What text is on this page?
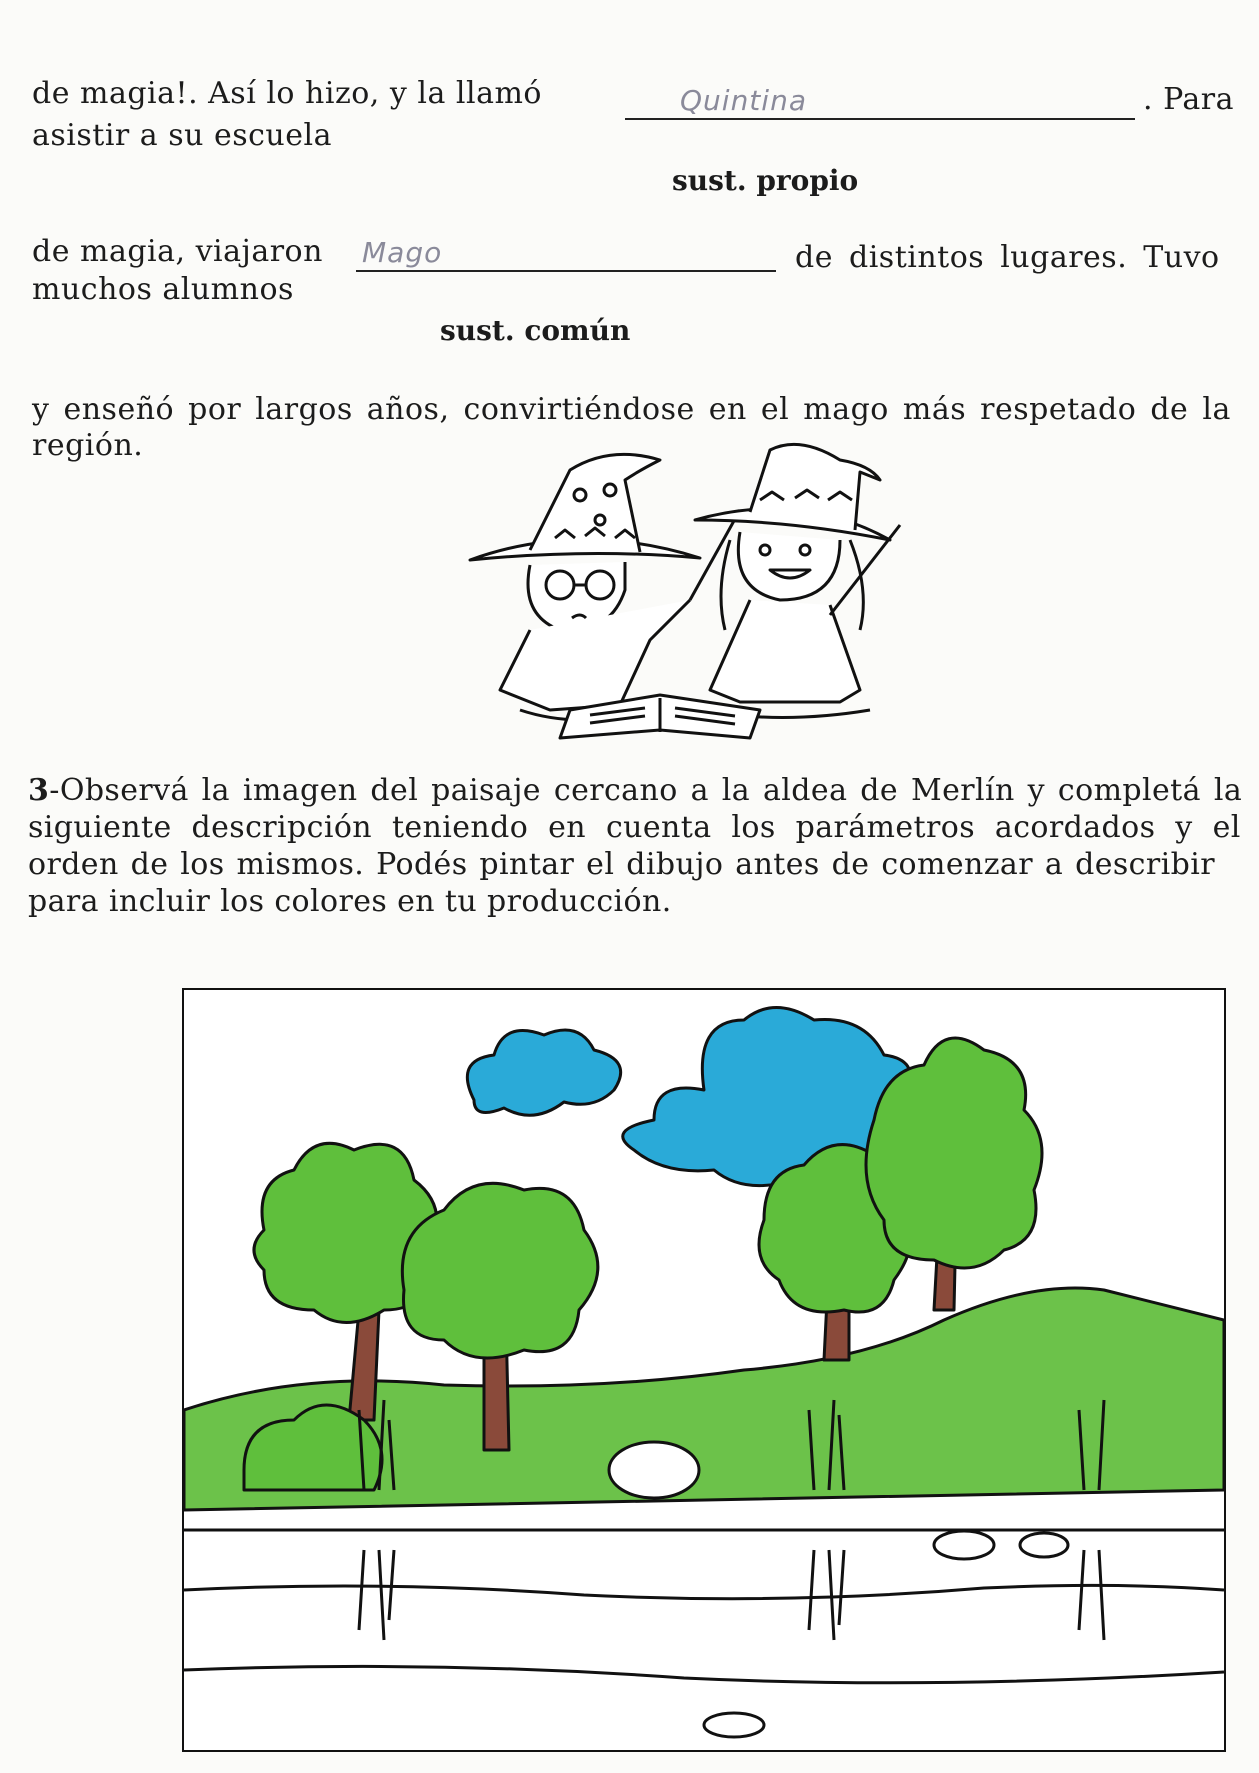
de magia!. Así lo hizo, y la llamó	Quintina	. Para
asistir a su escuela
sust. propio
de magia, viajaron Mago	de distintos lugares. Tuvo
muchos alumnos
sust. común
y enseñó por largos años, convirtiéndose en el mago más respetado de la
región.
3-Observá la imagen del paisaje cercano a la aldea de Merlín y completá la
siguiente descripción teniendo en cuenta los parámetros acordados y el
orden de los mismos. Podés pintar el dibujo antes de comenzar a describir
para incluir los colores en tu producción.
